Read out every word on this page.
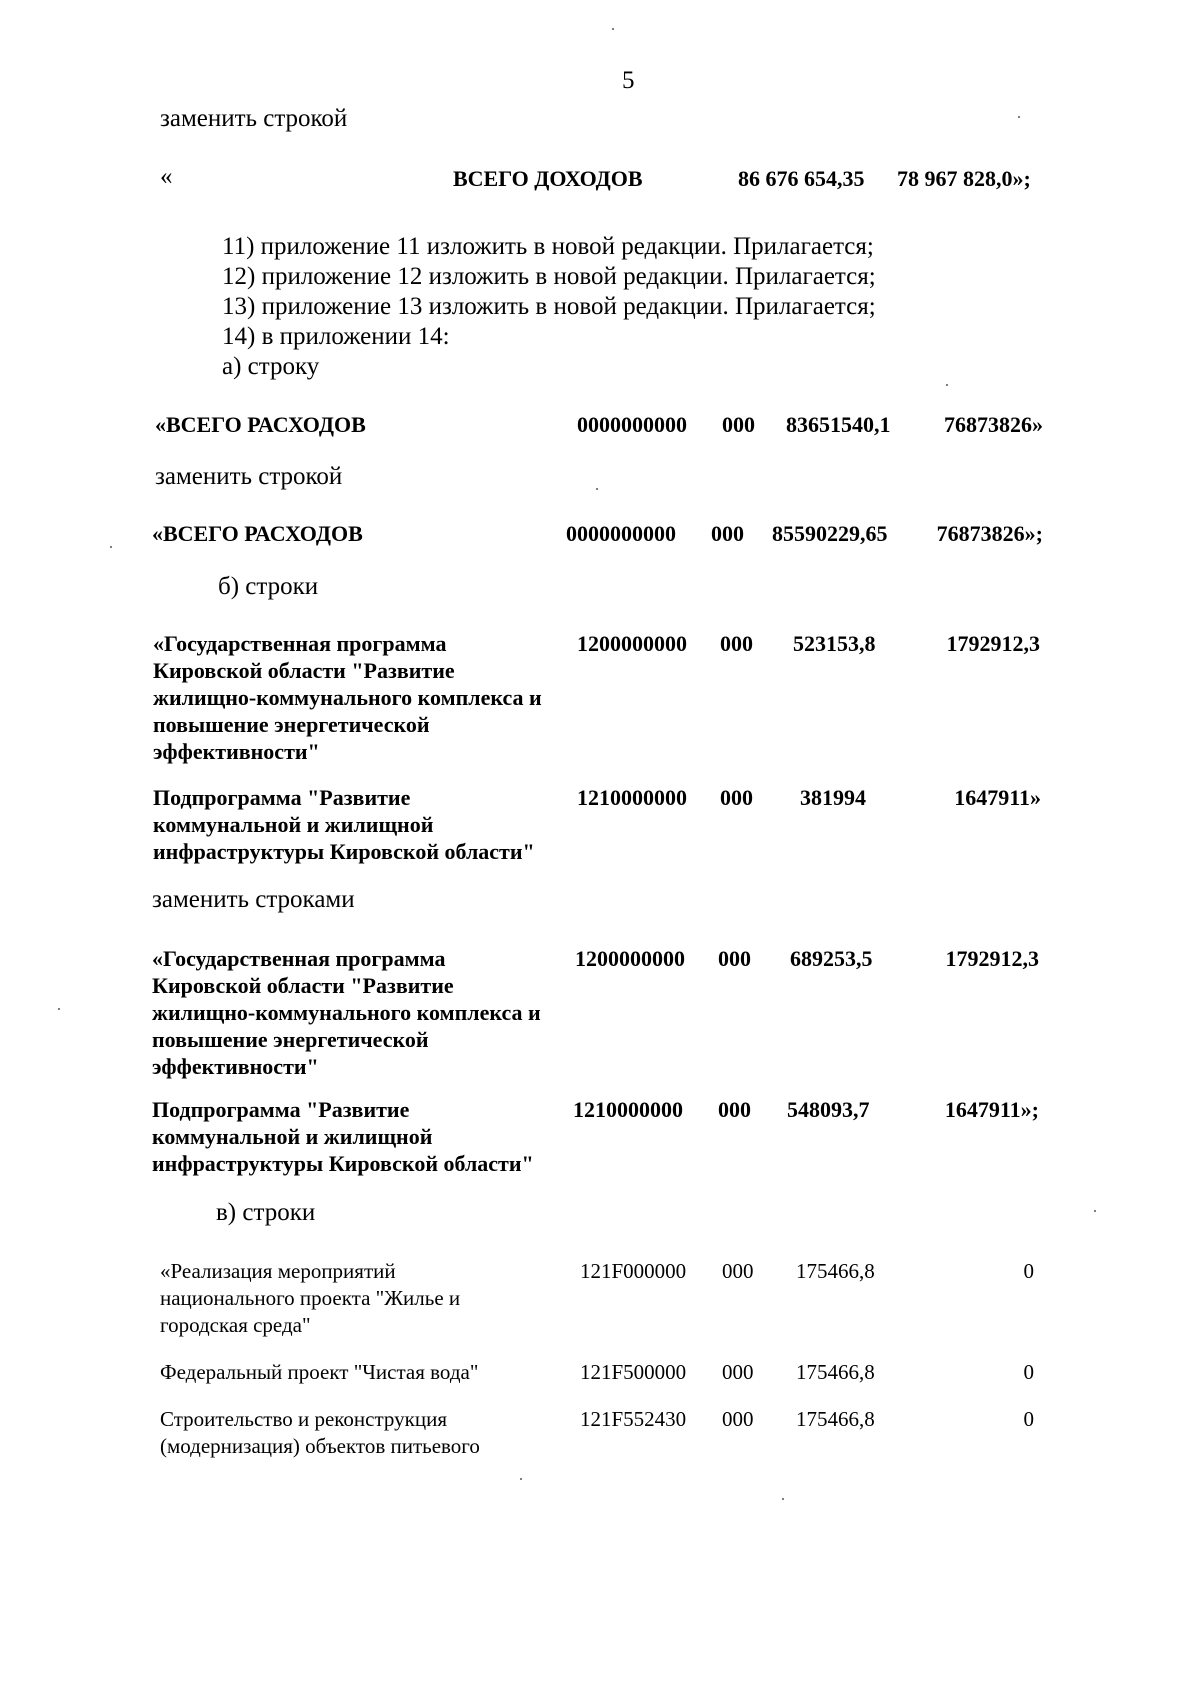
5
заменить строкой
«	ВСЕГО ДОХОДОВ	86 676 654,35 78 967 828,0»;
11) приложение 11 изложить в новой редакции. Прилагается;
12) приложение 12 изложить в новой редакции. Прилагается;
13) приложение 13 изложить в новой редакции. Прилагается;
14) в приложении 14:
а) строку
«ВСЕГО РАСХОДОВ	0000000000 000 83651540,1	76873826»
заменить строкой
«ВСЕГО РАСХОДОВ	0000000000 000 85590229,65	76873826»;
б) строки
«Государственная программа Кировской области "Развитие жилищно-коммунального комплекса и повышение энергетической эффективности"
1200000000 000 523153,8	1792912,3
Подпрограмма "Развитие коммунальной и жилищной инфраструктуры Кировской области"
1210000000 000 381994	1647911»
заменить строками
«Государственная программа Кировской области "Развитие жилищно-коммунального комплекса и повышение энергетической эффективности"
1200000000 000 689253,5	1792912,3
Подпрограмма "Развитие коммунальной и жилищной инфраструктуры Кировской области"
1210000000 000 548093,7	1647911»;
в) строки
«Реализация мероприятий национального проекта "Жилье и городская среда"
121F000000 000 175466,8	0
Федеральный проект "Чистая вода"	121F500000 000 175466,8	0
Строительство и реконструкция (модернизация) объектов питьевого
121F552430 000 175466,8	0
